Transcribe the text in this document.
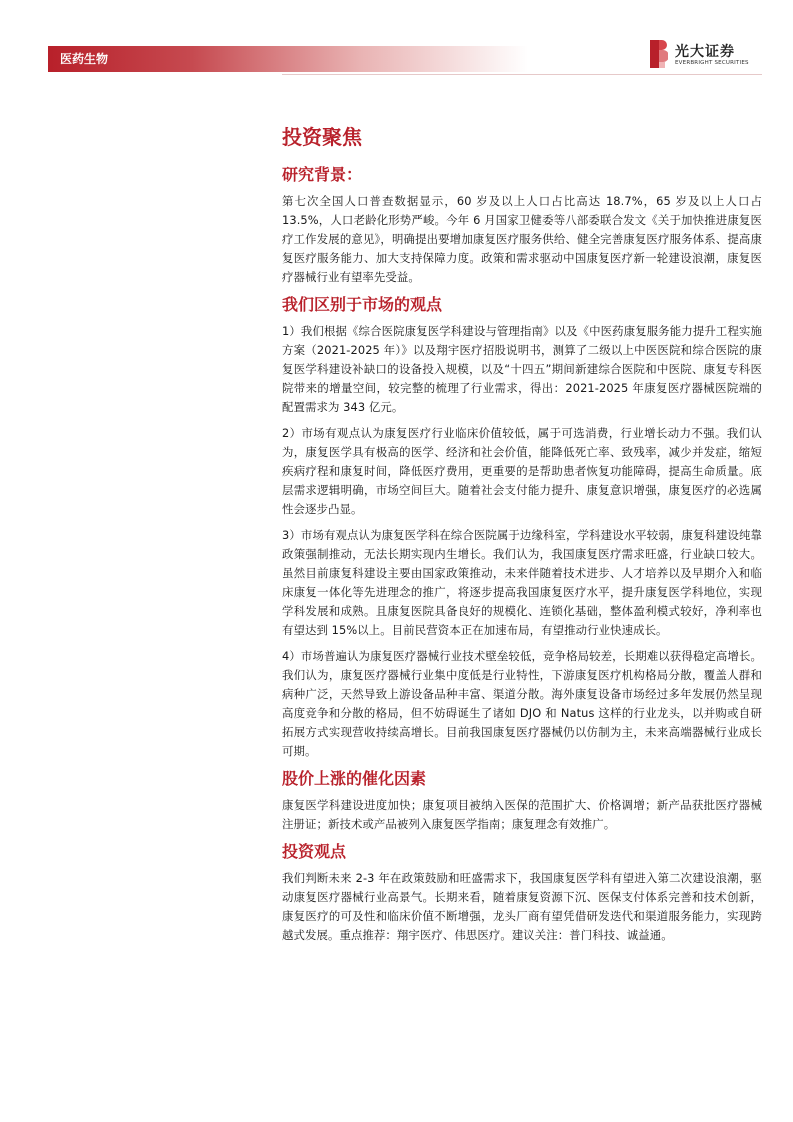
医药生物	光大证券
EVERBRIGHT SECURITIES
投资聚焦
研究背景：

第七次全国人口普查数据显示，60 岁及以上人口占比高达 18.7%，65 岁及以上人口占 13.5%，人口老龄化形势严峻。今年 6 月国家卫健委等八部委联合发文《关于加快推进康复医疗工作发展的意见》，明确提出要增加康复医疗服务供给、健全完善康复医疗服务体系、提高康复医疗服务能力、加大支持保障力度。政策和需求驱动中国康复医疗新一轮建设浪潮，康复医疗器械行业有望率先受益。

我们区别于市场的观点

1）我们根据《综合医院康复医学科建设与管理指南》以及《中医药康复服务能力提升工程实施方案（2021-2025 年）》以及翔宇医疗招股说明书，测算了二级以上中医医院和综合医院的康复医学科建设补缺口的设备投入规模，以及“十四五”期间新建综合医院和中医院、康复专科医院带来的增量空间，较完整的梳理了行业需求，得出：2021-2025 年康复医疗器械医院端的配置需求为 343 亿元。

2）市场有观点认为康复医疗行业临床价值较低，属于可选消费，行业增长动力不强。我们认为，康复医学具有极高的医学、经济和社会价值，能降低死亡率、致残率，减少并发症，缩短疾病疗程和康复时间，降低医疗费用，更重要的是帮助患者恢复功能障碍，提高生命质量。底层需求逻辑明确，市场空间巨大。随着社会支付能力提升、康复意识增强，康复医疗的必选属性会逐步凸显。

3）市场有观点认为康复医学科在综合医院属于边缘科室，学科建设水平较弱，康复科建设纯靠政策强制推动，无法长期实现内生增长。我们认为，我国康复医疗需求旺盛，行业缺口较大。虽然目前康复科建设主要由国家政策推动，未来伴随着技术进步、人才培养以及早期介入和临床康复一体化等先进理念的推广，将逐步提高我国康复医疗水平，提升康复医学科地位，实现学科发展和成熟。且康复医院具备良好的规模化、连锁化基础，整体盈利模式较好，净利率也有望达到 15%以上。目前民营资本正在加速布局，有望推动行业快速成长。

4）市场普遍认为康复医疗器械行业技术壁垒较低，竞争格局较差，长期难以获得稳定高增长。我们认为，康复医疗器械行业集中度低是行业特性，下游康复医疗机构格局分散，覆盖人群和病种广泛，天然导致上游设备品种丰富、渠道分散。海外康复设备市场经过多年发展仍然呈现高度竞争和分散的格局，但不妨碍诞生了诸如 DJO 和 Natus 这样的行业龙头，以并购或自研拓展方式实现营收持续高增长。目前我国康复医疗器械仍以仿制为主，未来高端器械行业成长可期。

股价上涨的催化因素

康复医学科建设进度加快；康复项目被纳入医保的范围扩大、价格调增；新产品获批医疗器械注册证；新技术或产品被列入康复医学指南；康复理念有效推广。

投资观点

我们判断未来 2-3 年在政策鼓励和旺盛需求下，我国康复医学科有望进入第二次建设浪潮，驱动康复医疗器械行业高景气。长期来看，随着康复资源下沉、医保支付体系完善和技术创新，康复医疗的可及性和临床价值不断增强，龙头厂商有望凭借研发迭代和渠道服务能力，实现跨越式发展。重点推荐：翔宇医疗、伟思医疗。建议关注：普门科技、诚益通。
